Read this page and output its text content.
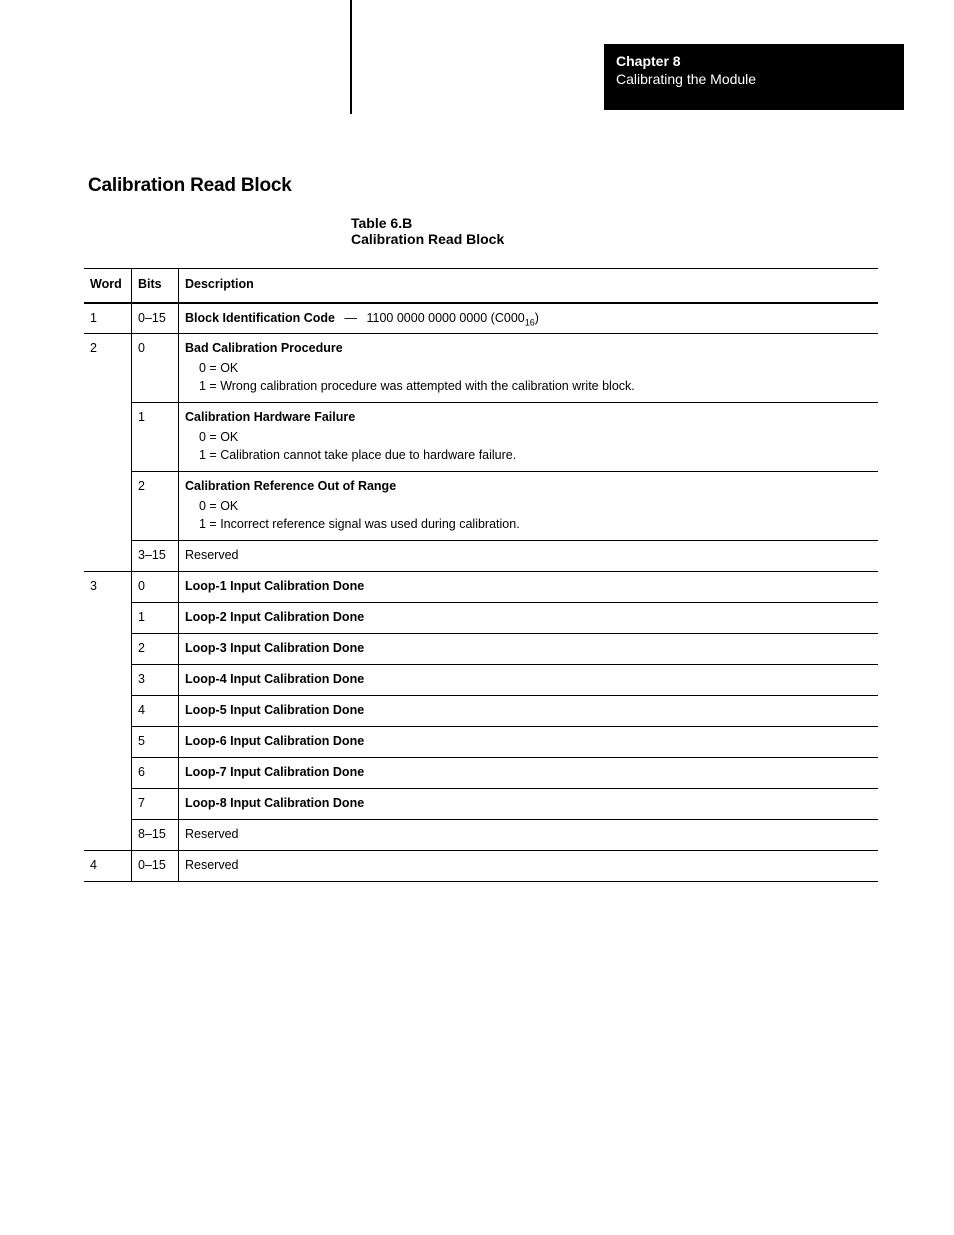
Chapter 8
Calibrating the Module
Calibration Read Block
Table 6.B
Calibration Read Block
Word	Bits	Description
1	0–15	Block Identification Code — 1100 0000 0000 0000 $(C000_{16})$
2	0	Bad Calibration Procedure
0 = OK
1 = Wrong calibration procedure was attempted with the calibration write block.

	1	Calibration Hardware Failure
0 = OK
1 = Calibration cannot take place due to hardware failure.

	2	Calibration Reference Out of Range
0 = OK
1 = Incorrect reference signal was used during calibration.

	3–15	Reserved
3	0	Loop-1 Input Calibration Done
	1	Loop-2 Input Calibration Done
	2	Loop-3 Input Calibration Done
	3	Loop-4 Input Calibration Done
	4	Loop-5 Input Calibration Done
	5	Loop-6 Input Calibration Done
	6	Loop-7 Input Calibration Done
	7	Loop-8 Input Calibration Done
	8–15	Reserved
4	0–15	Reserved
